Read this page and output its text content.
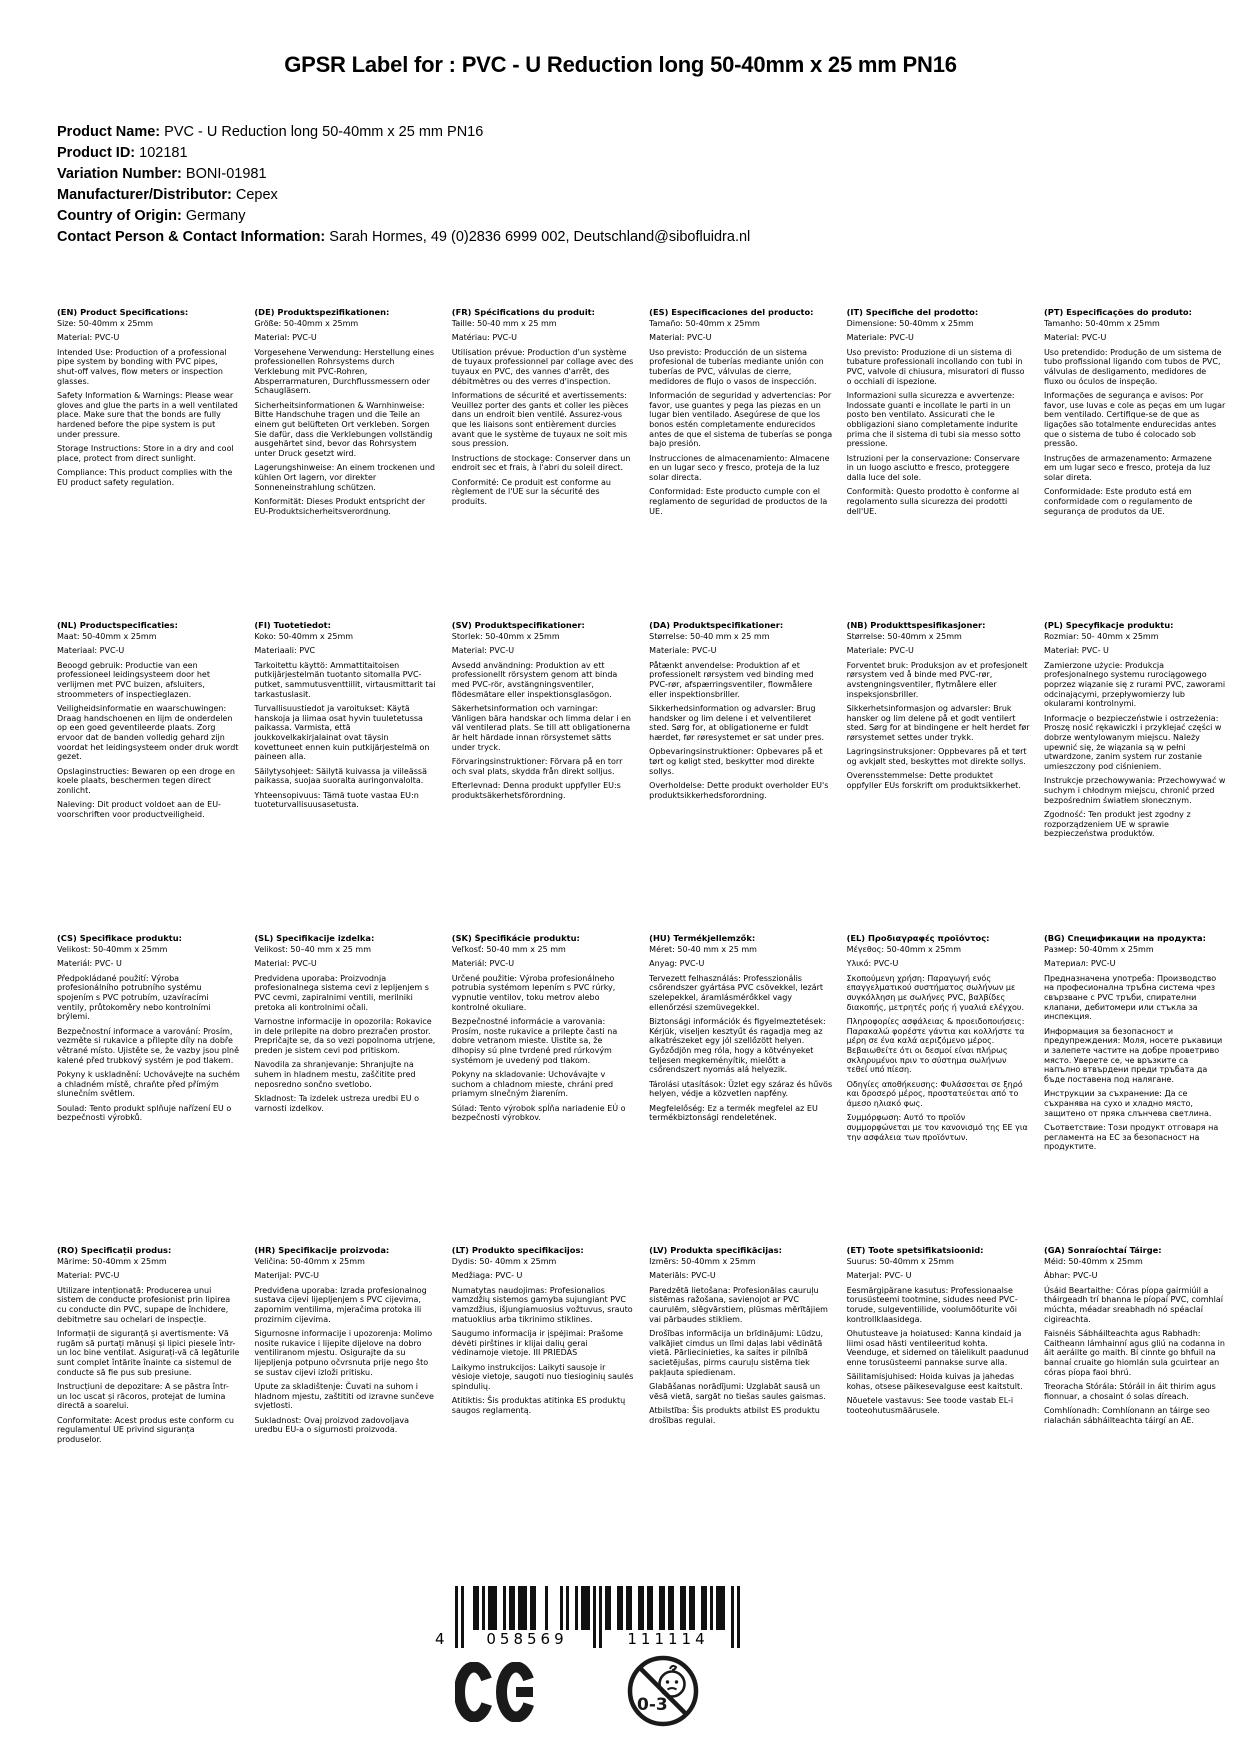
GPSR Label for : PVC - U Reduction long 50-40mm x 25 mm PN16
Product Name: PVC - U Reduction long 50-40mm x 25 mm PN16
Product ID: 102181
Variation Number: BONI-01981
Manufacturer/Distributor: Cepex
Country of Origin: Germany
Contact Person & Contact Information: Sarah Hormes, 49 (0)2836 6999 002, Deutschland@sibofluidra.nl
(EN) Product Specifications:
Size: 50-40mm x 25mm
Material: PVC-U
Intended Use: Production of a professional pipe system by bonding with PVC pipes, shut-off valves, flow meters or inspection glasses.
Safety Information & Warnings: Please wear gloves and glue the parts in a well ventilated place. Make sure that the bonds are fully hardened before the pipe system is put under pressure.
Storage Instructions: Store in a dry and cool place, protect from direct sunlight.
Compliance: This product complies with the EU product safety regulation.
(DE) Produktspezifikationen:
Größe: 50-40mm x 25mm
Material: PVC-U
Vorgesehene Verwendung: Herstellung eines professionellen Rohrsystems durch Verklebung mit PVC-Rohren, Absperrarmaturen, Durchflussmessern oder Schaugläsern.
Sicherheitsinformationen & Warnhinweise: Bitte Handschuhe tragen und die Teile an einem gut belüfteten Ort verkleben. Sorgen Sie dafür, dass die Verklebungen vollständig ausgehärtet sind, bevor das Rohrsystem unter Druck gesetzt wird.
Lagerungshinweise: An einem trockenen und kühlen Ort lagern, vor direkter Sonneneinstrahlung schützen.
Konformität: Dieses Produkt entspricht der EU-Produktsicherheitsverordnung.
(FR) Spécifications du produit:
Taille: 50-40 mm x 25 mm
Matériau: PVC-U
Utilisation prévue: Production d'un système de tuyaux professionnel par collage avec des tuyaux en PVC, des vannes d'arrêt, des débitmètres ou des verres d'inspection.
Informations de sécurité et avertissements: Veuillez porter des gants et coller les pièces dans un endroit bien ventilé. Assurez-vous que les liaisons sont entièrement durcies avant que le système de tuyaux ne soit mis sous pression.
Instructions de stockage: Conserver dans un endroit sec et frais, à l'abri du soleil direct.
Conformité: Ce produit est conforme au règlement de l'UE sur la sécurité des produits.
(ES) Especificaciones del producto:
Tamaño: 50-40mm x 25mm
Material: PVC-U
Uso previsto: Producción de un sistema profesional de tuberías mediante unión con tuberías de PVC, válvulas de cierre, medidores de flujo o vasos de inspección.
Información de seguridad y advertencias: Por favor, use guantes y pega las piezas en un lugar bien ventilado. Asegúrese de que los bonos estén completamente endurecidos antes de que el sistema de tuberías se ponga bajo presión.
Instrucciones de almacenamiento: Almacene en un lugar seco y fresco, proteja de la luz solar directa.
Conformidad: Este producto cumple con el reglamento de seguridad de productos de la UE.
(IT) Specifiche del prodotto:
Dimensione: 50-40mm x 25mm
Materiale: PVC-U
Uso previsto: Produzione di un sistema di tubature professionali incollando con tubi in PVC, valvole di chiusura, misuratori di flusso o occhiali di ispezione.
Informazioni sulla sicurezza e avvertenze: Indossate guanti e incollate le parti in un posto ben ventilato. Assicurati che le obbligazioni siano completamente indurite prima che il sistema di tubi sia messo sotto pressione.
Istruzioni per la conservazione: Conservare in un luogo asciutto e fresco, proteggere dalla luce del sole.
Conformità: Questo prodotto è conforme al regolamento sulla sicurezza dei prodotti dell'UE.
(PT) Especificações do produto:
Tamanho: 50-40mm x 25mm
Material: PVC-U
Uso pretendido: Produção de um sistema de tubo profissional ligando com tubos de PVC, válvulas de desligamento, medidores de fluxo ou óculos de inspeção.
Informações de segurança e avisos: Por favor, use luvas e cole as peças em um lugar bem ventilado. Certifique-se de que as ligações são totalmente endurecidas antes que o sistema de tubo é colocado sob pressão.
Instruções de armazenamento: Armazene em um lugar seco e fresco, proteja da luz solar direta.
Conformidade: Este produto está em conformidade com o regulamento de segurança de produtos da UE.
(NL) Productspecificaties:
Maat: 50-40mm x 25mm
Materiaal: PVC-U
Beoogd gebruik: Productie van een professioneel leidingsysteem door het verlijmen met PVC buizen, afsluiters, stroommeters of inspectieglazen.
Veiligheidsinformatie en waarschuwingen: Draag handschoenen en lijm de onderdelen op een goed geventileerde plaats. Zorg ervoor dat de banden volledig gehard zijn voordat het leidingsysteem onder druk wordt gezet.
Opslaginstructies: Bewaren op een droge en koele plaats, beschermen tegen direct zonlicht.
Naleving: Dit product voldoet aan de EU-voorschriften voor productveiligheid.
(FI) Tuotetiedot:
Koko: 50-40mm x 25mm
Materiaali: PVC
Tarkoitettu käyttö: Ammattitaitoisen putkijärjestelmän tuotanto sitomalla PVC-putket, sammutusventtiilit, virtausmittarit tai tarkastuslasit.
Turvallisuustiedot ja varoitukset: Käytä hanskoja ja liimaa osat hyvin tuuletetussa paikassa. Varmista, että joukkovelkakirjalainat ovat täysin kovettuneet ennen kuin putkijärjestelmä on paineen alla.
Säilytysohjeet: Säilytä kuivassa ja viileässä paikassa, suojaa suoralta auringonvalolta.
Yhteensopivuus: Tämä tuote vastaa EU:n tuoteturvallisuusasetusta.
(SV) Produktspecifikationer:
Storlek: 50-40mm x 25mm
Material: PVC-U
Avsedd användning: Produktion av ett professionellt rörsystem genom att binda med PVC-rör, avstängningsventiler, flödesmätare eller inspektionsglasögon.
Säkerhetsinformation och varningar: Vänligen bära handskar och limma delar i en väl ventilerad plats. Se till att obligationerna är helt härdade innan rörsystemet sätts under tryck.
Förvaringsinstruktioner: Förvara på en torr och sval plats, skydda från direkt solljus.
Efterlevnad: Denna produkt uppfyller EU:s produktsäkerhetsförordning.
(DA) Produktspecifikationer:
Størrelse: 50-40 mm x 25 mm
Materiale: PVC-U
Påtænkt anvendelse: Produktion af et professionelt rørsystem ved binding med PVC-rør, afspærringsventiler, flowmålere eller inspektionsbriller.
Sikkerhedsinformation og advarsler: Brug handsker og lim delene i et velventileret sted. Sørg for, at obligationerne er fuldt hærdet, før røresystemet er sat under pres.
Opbevaringsinstruktioner: Opbevares på et tørt og køligt sted, beskytter mod direkte sollys.
Overholdelse: Dette produkt overholder EU's produktsikkerhedsforordning.
(NB) Produkttspesifikasjoner:
Størrelse: 50-40mm x 25mm
Materiale: PVC-U
Forventet bruk: Produksjon av et profesjonelt rørsystem ved å binde med PVC-rør, avstengningsventiler, flytmålere eller inspeksjonsbriller.
Sikkerhetsinformasjon og advarsler: Bruk hansker og lim delene på et godt ventilert sted. Sørg for at bindingene er helt herdet før rørsystemet settes under trykk.
Lagringsinstruksjoner: Oppbevares på et tørt og avkjølt sted, beskyttes mot direkte sollys.
Overensstemmelse: Dette produktet oppfyller EUs forskrift om produktsikkerhet.
(PL) Specyfikacje produktu:
Rozmiar: 50- 40mm x 25mm
Materiał: PVC- U
Zamierzone użycie: Produkcja profesjonalnego systemu rurociągowego poprzez wiązanie się z rurami PVC, zaworami odcinającymi, przepływomierzy lub okularami kontrolnymi.
Informacje o bezpieczeństwie i ostrzeżenia: Proszę nosić rękawiczki i przyklejać części w dobrze wentylowanym miejscu. Należy upewnić się, że wiązania są w pełni utwardzone, zanim system rur zostanie umieszczony pod ciśnieniem.
Instrukcje przechowywania: Przechowywać w suchym i chłodnym miejscu, chronić przed bezpośrednim światłem słonecznym.
Zgodność: Ten produkt jest zgodny z rozporządzeniem UE w sprawie bezpieczeństwa produktów.
(CS) Specifikace produktu:
Velikost: 50-40mm x 25mm
Materiál: PVC- U
Předpokládané použití: Výroba profesionálního potrubního systému spojením s PVC potrubím, uzavíracími ventily, průtokoměry nebo kontrolními brýlemi.
Bezpečnostní informace a varování: Prosím, vezměte si rukavice a přilepte díly na dobře větrané místo. Ujistěte se, že vazby jsou plně kalené před trubkový systém je pod tlakem.
Pokyny k uskladnění: Uchovávejte na suchém a chladném místě, chraňte před přímým slunečním světlem.
Soulad: Tento produkt splňuje nařízení EU o bezpečnosti výrobků.
(SL) Specifikacije izdelka:
Velikost: 50–40 mm x 25 mm
Material: PVC-U
Predvidena uporaba: Proizvodnja profesionalnega sistema cevi z lepljenjem s PVC cevmi, zapiralnimi ventili, merilniki pretoka ali kontrolnimi očali.
Varnostne informacije in opozorila: Rokavice in dele prilepite na dobro prezračen prostor. Prepričajte se, da so vezi popolnoma utrjene, preden je sistem cevi pod pritiskom.
Navodila za shranjevanje: Shranjujte na suhem in hladnem mestu, zaščitite pred neposredno sončno svetlobo.
Skladnost: Ta izdelek ustreza uredbi EU o varnosti izdelkov.
(SK) Špecifikácie produktu:
Veľkosť: 50-40 mm x 25 mm
Materiál: PVC-U
Určené použitie: Výroba profesionálneho potrubia systémom lepením s PVC rúrky, vypnutie ventilov, toku metrov alebo kontrolné okuliare.
Bezpečnostné informácie a varovania: Prosím, noste rukavice a prilepte časti na dobre vetranom mieste. Uistite sa, že dlhopisy sú plne tvrdené pred rúrkovým systémom je uvedený pod tlakom.
Pokyny na skladovanie: Uchovávajte v suchom a chladnom mieste, chráni pred priamym slnečným žiarením.
Súlad: Tento výrobok spĺňa nariadenie EÚ o bezpečnosti výrobkov.
(HU) Termékjellemzők:
Méret: 50-40 mm x 25 mm
Anyag: PVC-U
Tervezett felhasználás: Professzionális csőrendszer gyártása PVC csövekkel, lezárt szelepekkel, áramlásmérőkkel vagy ellenőrzési szemüvegekkel.
Biztonsági információk és figyelmeztetések: Kérjük, viseljen kesztyűt és ragadja meg az alkatrészeket egy jól szellőzött helyen. Győződjön meg róla, hogy a kötvényeket teljesen megkeményítik, mielőtt a csőrendszert nyomás alá helyezik.
Tárolási utasítások: Üzlet egy száraz és hűvös helyen, védje a közvetlen napfény.
Megfelelőség: Ez a termék megfelel az EU termékbiztonsági rendeletének.
(EL) Προδιαγραφές προϊόντος:
Μέγεθος: 50-40mm x 25mm
Υλικό: PVC-U
Σκοπούμενη χρήση: Παραγωγή ενός επαγγελματικού συστήματος σωλήνων με συγκόλληση με σωλήνες PVC, βαλβίδες διακοπής, μετρητές ροής ή γυαλιά ελέγχου.
Πληροφορίες ασφάλειας & προειδοποιήσεις: Παρακαλώ φορέστε γάντια και κολλήστε τα μέρη σε ένα καλά αεριζόμενο μέρος. Βεβαιωθείτε ότι οι δεσμοί είναι πλήρως σκληρυμένοι πριν το σύστημα σωλήνων τεθεί υπό πίεση.
Οδηγίες αποθήκευσης: Φυλάσσεται σε ξηρό και δροσερό μέρος, προστατεύεται από το άμεσο ηλιακό φως.
Συμμόρφωση: Αυτό το προϊόν συμμορφώνεται με τον κανονισμό της ΕΕ για την ασφάλεια των προϊόντων.
(BG) Спецификации на продукта:
Размер: 50-40mm x 25mm
Материал: PVC-U
Предназначена употреба: Производство на професионална тръбна система чрез свързване с PVC тръби, спирателни клапани, дебитомери или стъкла за инспекция.
Информация за безопасност и предупреждения: Моля, носете ръкавици и залепете частите на добре проветриво място. Уверете се, че връзките са напълно втвърдени преди тръбата да бъде поставена под налягане.
Инструкции за съхранение: Да се съхранява на сухо и хладно място, защитено от пряка слънчева светлина.
Съответствие: Този продукт отговаря на регламента на ЕС за безопасност на продуктите.
(RO) Specificații produs:
Mărime: 50-40mm x 25mm
Material: PVC-U
Utilizare intenționată: Producerea unui sistem de conducte profesionist prin lipirea cu conducte din PVC, supape de închidere, debitmetre sau ochelari de inspecție.
Informații de siguranță și avertismente: Vă rugăm să purtați mănuși și lipici piesele într-un loc bine ventilat. Asigurați-vă că legăturile sunt complet întărite înainte ca sistemul de conducte să fie pus sub presiune.
Instrucțiuni de depozitare: A se păstra într- un loc uscat și răcoros, protejat de lumina directă a soarelui.
Conformitate: Acest produs este conform cu regulamentul UE privind siguranța produselor.
(HR) Specifikacije proizvoda:
Veličina: 50-40mm x 25mm
Materijal: PVC-U
Predviđena uporaba: Izrada profesionalnog sustava cijevi lijepljenjem s PVC cijevima, zapornim ventilima, mjeračima protoka ili prozirnim cijevima.
Sigurnosne informacije i upozorenja: Molimo nosite rukavice i lijepite dijelove na dobro ventiliranom mjestu. Osigurajte da su lijepljenja potpuno očvrsnuta prije nego što se sustav cijevi izloži pritisku.
Upute za skladištenje: Čuvati na suhom i hladnom mjestu, zaštititi od izravne sunčeve svjetlosti.
Sukladnost: Ovaj proizvod zadovoljava uredbu EU-a o sigurnosti proizvoda.
(LT) Produkto specifikacijos:
Dydis: 50- 40mm x 25mm
Medžiaga: PVC- U
Numatytas naudojimas: Profesionalios vamzdžių sistemos gamyba sujungiant PVC vamzdžius, išjungiamuosius vožtuvus, srauto matuoklius arba tikrinimo stiklines.
Saugumo informacija ir įspėjimai: Prašome dėvėti pirštines ir klijai dalių gerai vėdinamoje vietoje. III PRIEDAS
Laikymo instrukcijos: Laikyti sausoje ir vėsioje vietoje, saugoti nuo tiesioginių saulės spindulių.
Atitiktis: Šis produktas atitinka ES produktų saugos reglamentą.
(LV) Produkta specifikācijas:
Izmērs: 50-40mm x 25mm
Materiāls: PVC-U
Paredzētā lietošana: Profesionālas cauruļu sistēmas ražošana, savienojot ar PVC caurulēm, slēgvārstiem, plūsmas mērītājiem vai pārbaudes stikliem.
Drošības informācija un brīdinājumi: Lūdzu, valkājiet cimdus un līmi daļas labi vēdinātā vietā. Pārliecinieties, ka saites ir pilnībā sacietējušas, pirms cauruļu sistēma tiek pakļauta spiedienam.
Glabāšanas norādījumi: Uzglabāt sausā un vēsā vietā, sargāt no tiešas saules gaismas.
Atbilstība: Šis produkts atbilst ES produktu drošības regulai.
(ET) Toote spetsifikatsioonid:
Suurus: 50-40mm x 25mm
Materjal: PVC- U
Eesmärgipärane kasutus: Professionaalse torusüsteemi tootmine, sidudes need PVC-torude, sulgeventiilide, voolumõõturite või kontrollklaasidega.
Ohutusteave ja hoiatused: Kanna kindaid ja liimi osad hästi ventileeritud kohta. Veenduge, et sidemed on täielikult paadunud enne torusüsteemi pannakse surve alla.
Säilitamisjuhised: Hoida kuivas ja jahedas kohas, otsese päikesevalguse eest kaitstult.
Nõuetele vastavus: See toode vastab EL-i tooteohutusmäärusele.
(GA) Sonraíochtaí Táirge:
Méid: 50-40mm x 25mm
Ábhar: PVC-U
Úsáid Beartaithe: Córas píopa gairmiúil a tháirgeadh trí bhanna le píopaí PVC, comhlaí múchta, méadar sreabhadh nó spéaclaí cigireachta.
Faisnéis Sábháilteachta agus Rabhadh: Caitheann lámhainní agus gliú na codanna in áit aeráilte go maith. Bí cinnte go bhfuil na bannaí cruaite go hiomlán sula gcuirtear an córas píopa faoi bhrú.
Treoracha Stórála: Stóráil in áit thirim agus fionnuar, a chosaint ó solas díreach.
Comhlíonadh: Comhlíonann an táirge seo rialachán sábháilteachta táirgí an AE.
4	058569	111114
0-3
